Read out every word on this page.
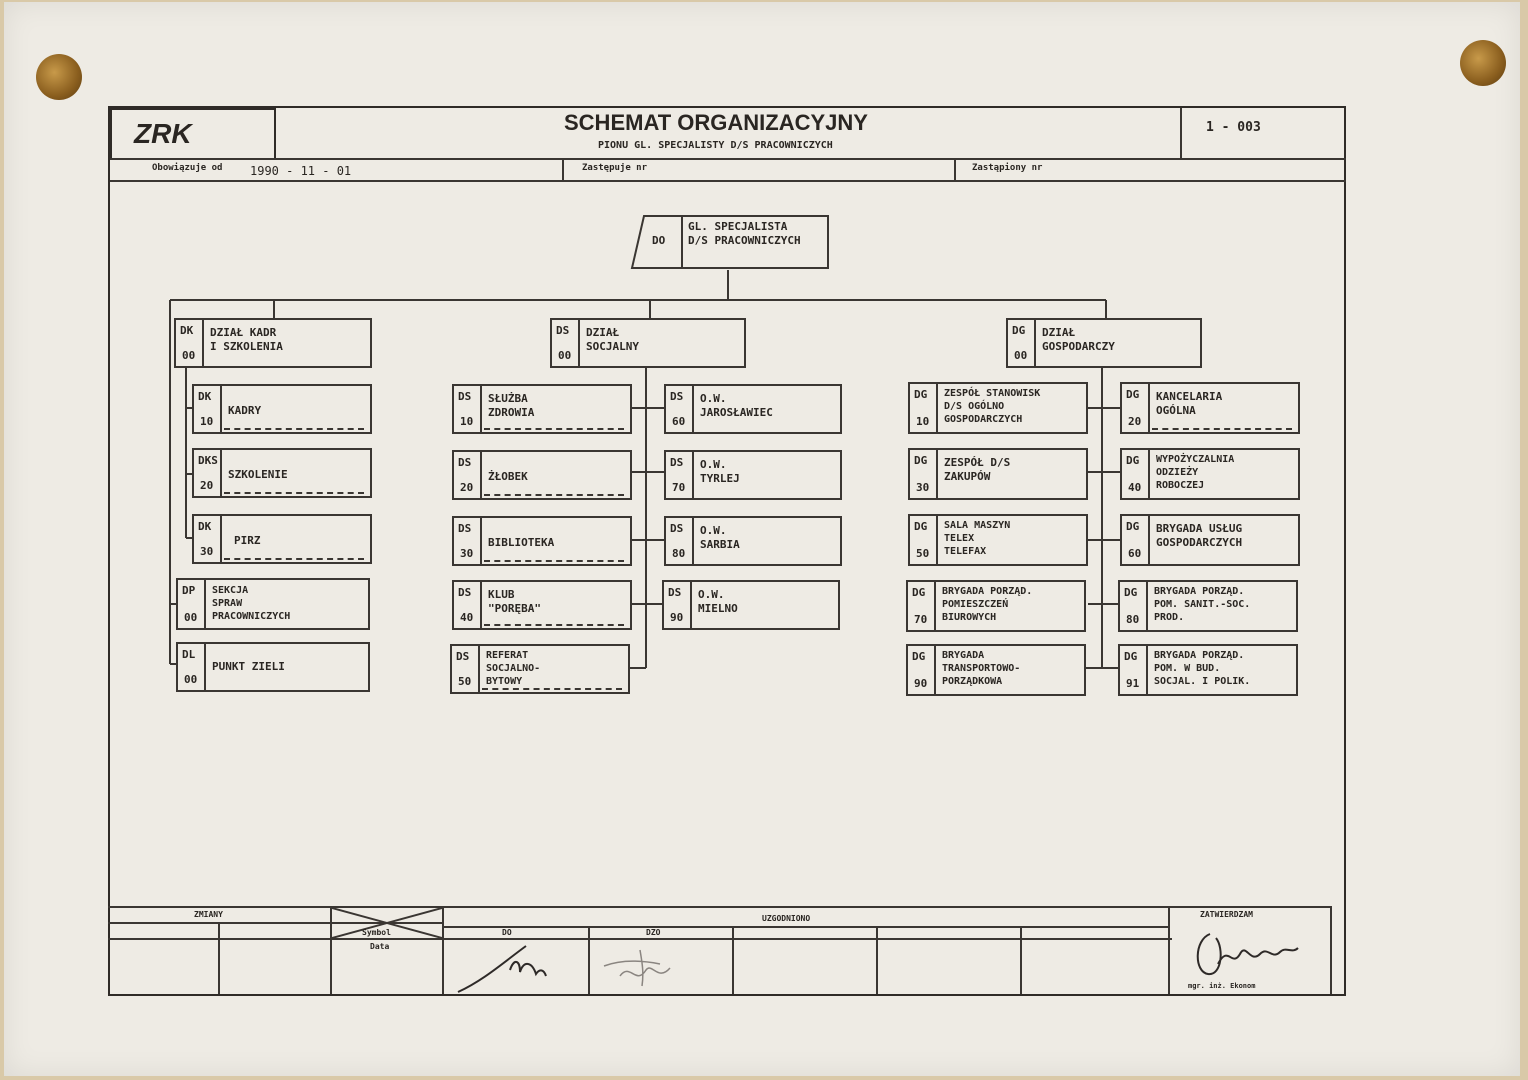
ZRK	SCHEMAT ORGANIZACYJNY
PIONU GL. SPECJALISTY D/S PRACOWNICZYCH
1 - 003
Obowiązuje od 1990 - 11 - 01	Zastępuje nr	Zastąpiony nr
DO
GL. SPECJALISTA
D/S PRACOWNICZYCH
DK
00
DZIAŁ KADR
I SZKOLENIA
DS
00
DZIAŁ
SOCJALNY
DG
00
DZIAŁ
GOSPODARCZY
DK
10
KADRY
DKS
20
SZKOLENIE
DK
30
PIRZ
DP
00
SEKCJA
SPRAW
PRACOWNICZYCH
DL
00
PUNKT ZIELI
DS
10
SŁUŻBA
ZDROWIA
DS
20
ŻŁOBEK
DS
30
BIBLIOTEKA
DS
40
KLUB
"PORĘBA"
DS
50
REFERAT
SOCJALNO-
BYTOWY
DS
60
O.W.
JAROSŁAWIEC
DS
70
O.W.
TYRLEJ
DS
80
O.W.
SARBIA
DS
90
O.W.
MIELNO
DG
10
ZESPÓŁ STANOWISK
D/S OGÓLNO
GOSPODARCZYCH
DG
30
ZESPÓŁ D/S
ZAKUPÓW
DG
50
SALA MASZYN
TELEX
TELEFAX
DG
70
BRYGADA PORZĄD.
POMIESZCZEŃ
BIUROWYCH
DG
90
BRYGADA
TRANSPORTOWO-
PORZĄDKOWA
DG
20
KANCELARIA
OGÓLNA
DG
40
WYPOŻYCZALNIA
ODZIEŻY
ROBOCZEJ
DG
60
BRYGADA USŁUG
GOSPODARCZYCH
DG
80
BRYGADA PORZĄD.
POM. SANIT.-SOC.
PROD.
DG
91
BRYGADA PORZĄD.
POM. W BUD.
SOCJAL. I POLIK.
ZMIANY
Symbol
Data
UZGODNIONO
DO	DZO
ZATWIERDZAM
mgr. inż. Ekonom
